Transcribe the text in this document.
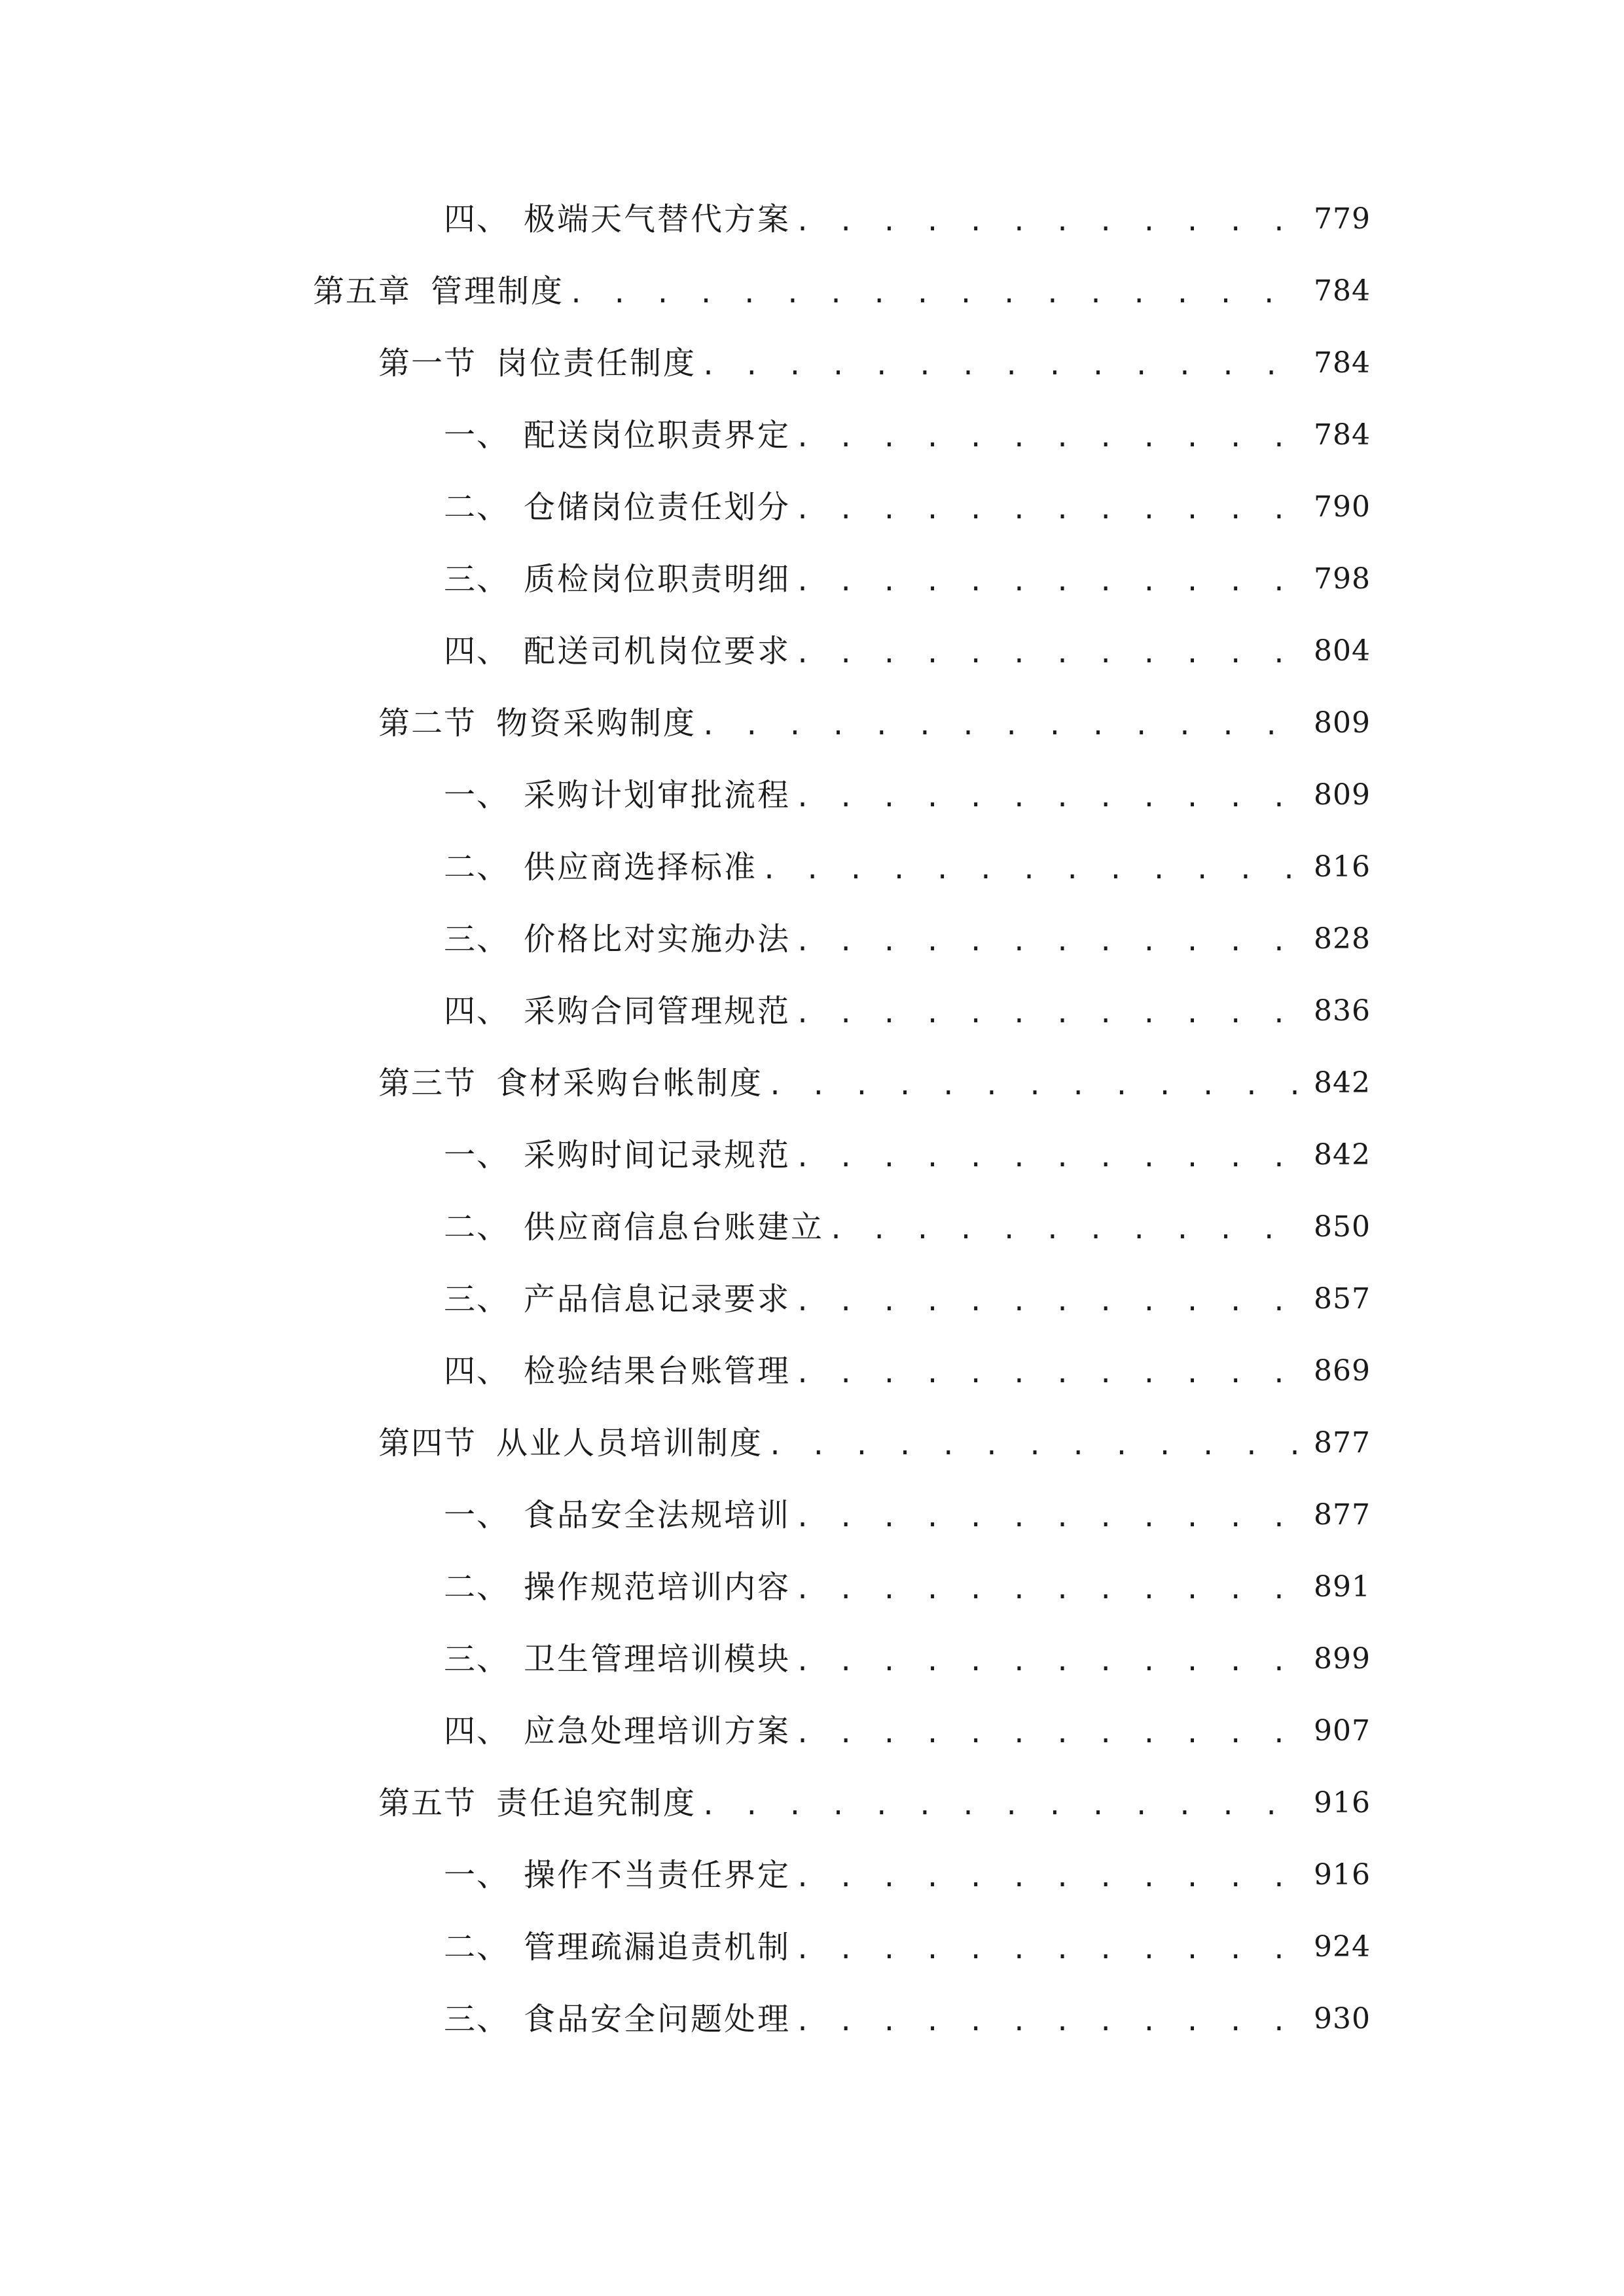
四、 极端天气替代方案 . . .	779
第五章 管理制度 . . .	784
第一节 岗位责任制度 . . .	784
一、 配送岗位职责界定 . . .	784
二、 仓储岗位责任划分 . . .	790
三、 质检岗位职责明细 . . .	798
四、 配送司机岗位要求 . . .	804
第二节 物资采购制度 . . .	809
一、 采购计划审批流程 . . .	809
二、 供应商选择标准 . . .	816
三、 价格比对实施办法 . . .	828
四、 采购合同管理规范 . . .	836
第三节 食材采购台帐制度 . . .	842
一、 采购时间记录规范 . . .	842
二、 供应商信息台账建立 . . .	850
三、 产品信息记录要求 . . .	857
四、 检验结果台账管理 . . .	869
第四节 从业人员培训制度 . . .	877
一、 食品安全法规培训 . . .	877
二、 操作规范培训内容 . . .	891
三、 卫生管理培训模块 . . .	899
四、 应急处理培训方案 . . .	907
第五节 责任追究制度 . . .	916
一、 操作不当责任界定 . . .	916
二、 管理疏漏追责机制 . . .	924
三、 食品安全问题处理 . . .	930
